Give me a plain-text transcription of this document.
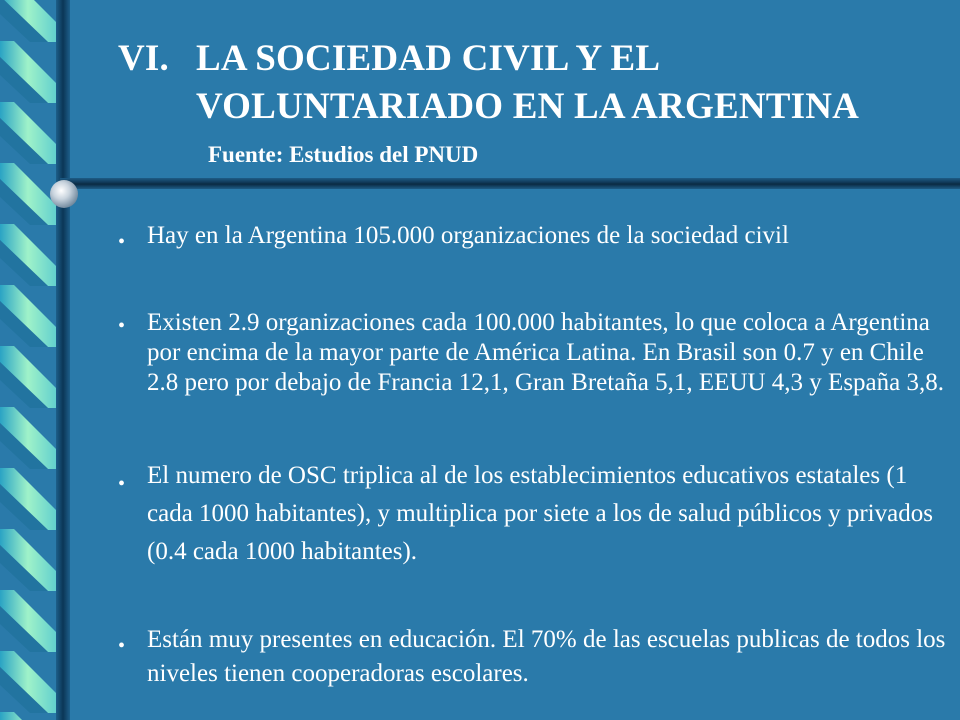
VI. LA SOCIEDAD CIVIL Y EL
VOLUNTARIADO EN LA ARGENTINA
Fuente: Estudios del PNUD
• Hay en la Argentina 105.000 organizaciones de la sociedad civil
• Existen 2.9 organizaciones cada 100.000 habitantes, lo que coloca a Argentina por encima de la mayor parte de América Latina. En Brasil son 0.7 y en Chile 2.8 pero por debajo de Francia 12,1, Gran Bretaña 5,1, EEUU 4,3 y España 3,8.
• El numero de OSC triplica al de los establecimientos educativos estatales (1 cada 1000 habitantes), y multiplica por siete a los de salud públicos y privados (0.4 cada 1000 habitantes).
• Están muy presentes en educación. El 70% de las escuelas publicas de todos los niveles tienen cooperadoras escolares.
